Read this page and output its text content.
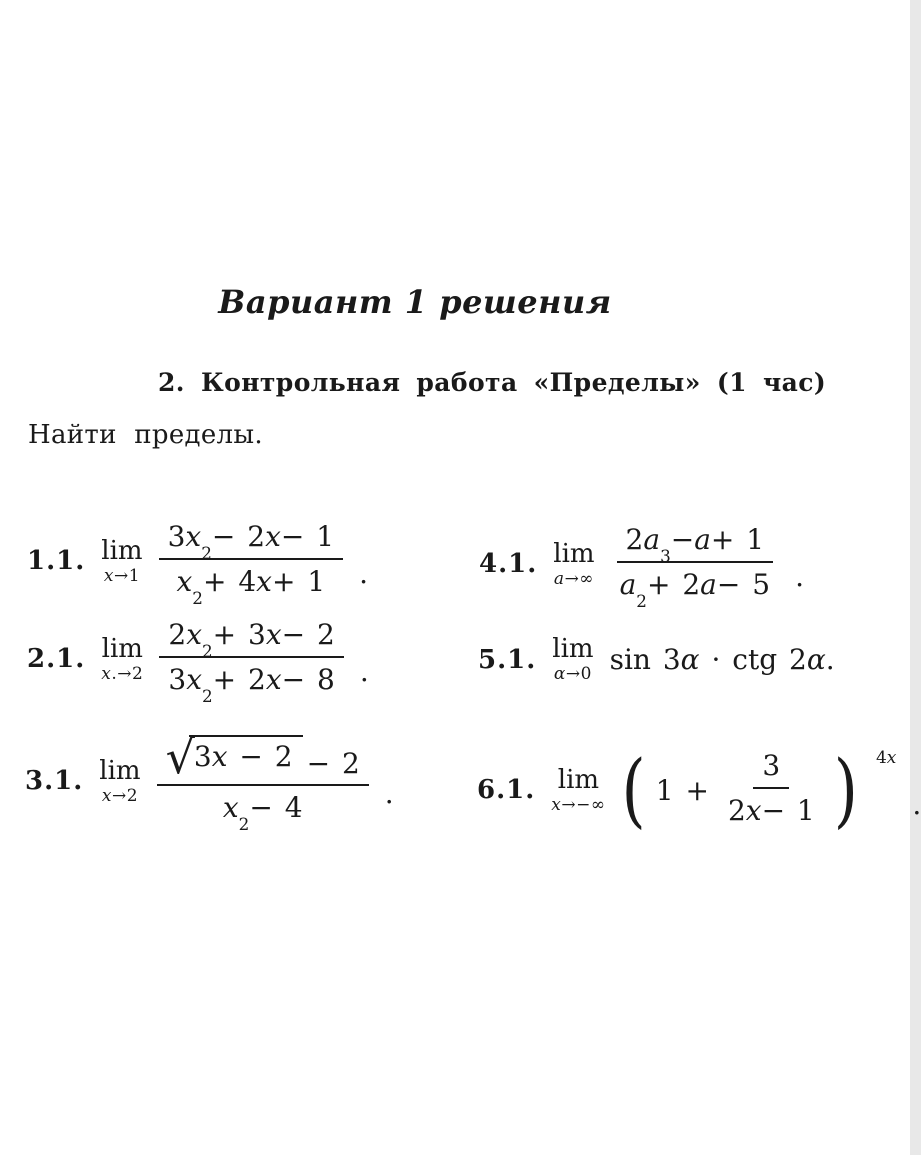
Вариант 1 решения
2. Контрольная работа «Пределы» (1 час)
Найти пределы.
1.1. lim
x→1 3 x
2
− 2 x − 1
x
2
+ 4 x + 1 .
2.1. lim
x.→2 2 x
2
+ 3 x − 2
3 x
2
+ 2 x − 8 .
3.1. lim
x→2 √ 3x − 2 − 2
x
2
− 4 .
4.1. lim
a→∞ 2 a
3
− a + 1
a
2
+ 2 a − 5 .
5.1. lim
α→0 sin 3α · ctg 2α.
6.1. lim
x→−∞ ( $1 + \frac{3}{2 x - 1}$ ) 4x
.
